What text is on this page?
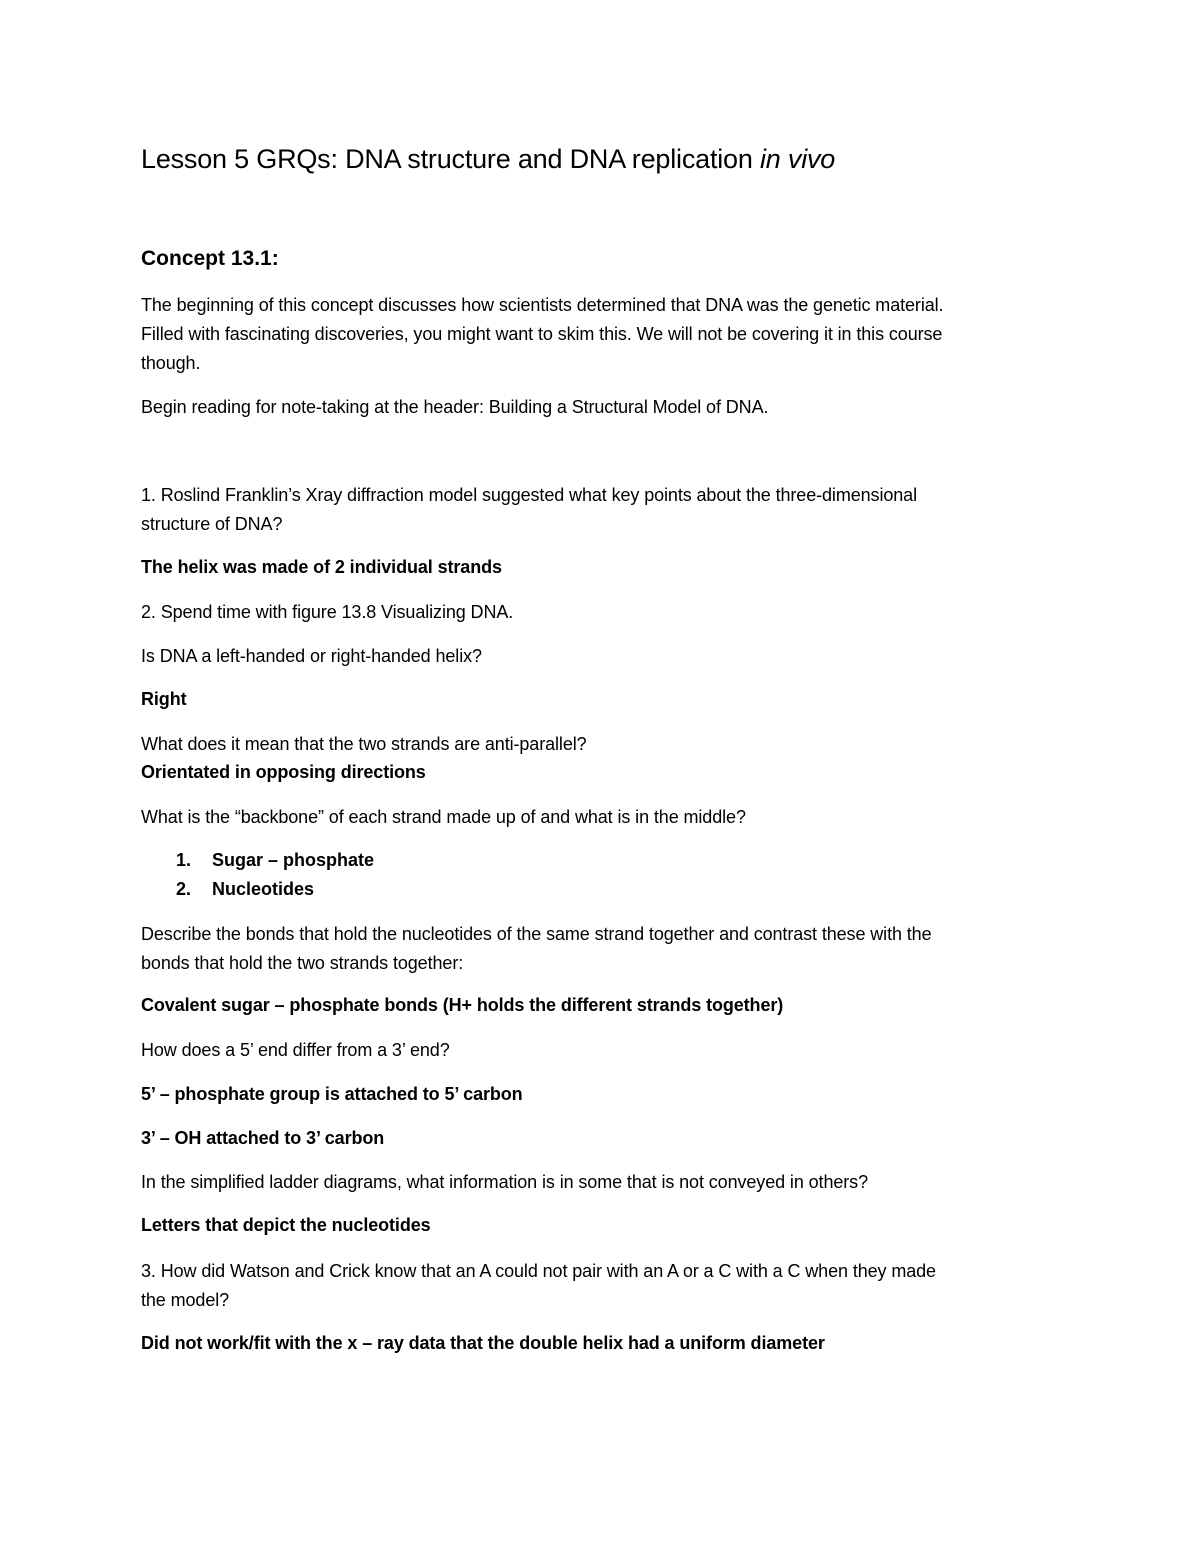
Lesson 5 GRQs: DNA structure and DNA replication in vivo
Concept 13.1:
The beginning of this concept discusses how scientists determined that DNA was the genetic material.
Filled with fascinating discoveries, you might want to skim this. We will not be covering it in this course
though.
Begin reading for note-taking at the header: Building a Structural Model of DNA.
1. Roslind Franklin’s Xray diffraction model suggested what key points about the three-dimensional
structure of DNA?
The helix was made of 2 individual strands
2. Spend time with figure 13.8 Visualizing DNA.
Is DNA a left-handed or right-handed helix?
Right
What does it mean that the two strands are anti-parallel?
Orientated in opposing directions
What is the “backbone” of each strand made up of and what is in the middle?
1. Sugar – phosphate
2. Nucleotides
Describe the bonds that hold the nucleotides of the same strand together and contrast these with the
bonds that hold the two strands together:
Covalent sugar – phosphate bonds (H+ holds the different strands together)
How does a 5’ end differ from a 3’ end?
5’ – phosphate group is attached to 5’ carbon
3’ – OH attached to 3’ carbon
In the simplified ladder diagrams, what information is in some that is not conveyed in others?
Letters that depict the nucleotides
3. How did Watson and Crick know that an A could not pair with an A or a C with a C when they made
the model?
Did not work/fit with the x – ray data that the double helix had a uniform diameter
